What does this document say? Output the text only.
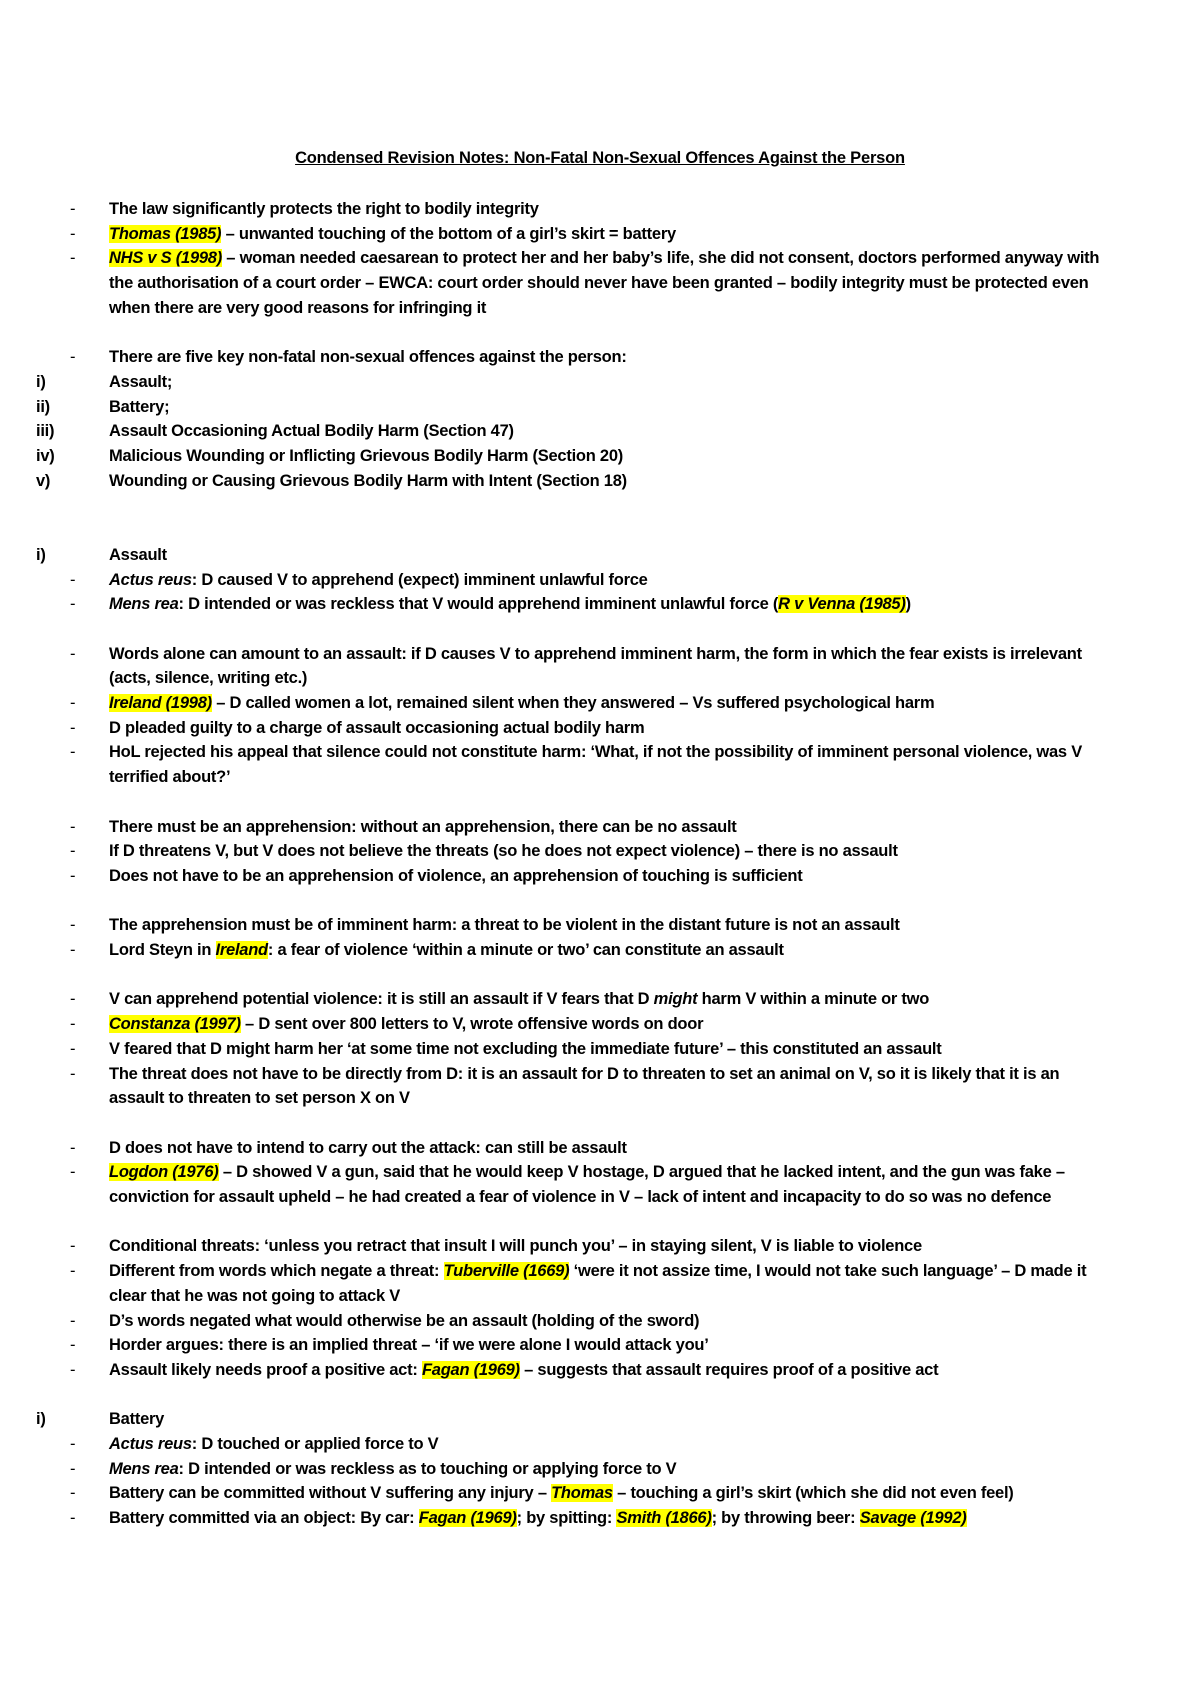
Condensed Revision Notes: Non-Fatal Non-Sexual Offences Against the Person
-	The law significantly protects the right to bodily integrity
-	Thomas (1985) – unwanted touching of the bottom of a girl’s skirt = battery
-	NHS v S (1998) – woman needed caesarean to protect her and her baby’s life, she did not consent, doctors performed anyway with the authorisation of a court order – EWCA: court order should never have been granted – bodily integrity must be protected even when there are very good reasons for infringing it
-	There are five key non-fatal non-sexual offences against the person:
i)	Assault;
ii)	Battery;
iii)	Assault Occasioning Actual Bodily Harm (Section 47)
iv)	Malicious Wounding or Inflicting Grievous Bodily Harm (Section 20)
v)	Wounding or Causing Grievous Bodily Harm with Intent (Section 18)
i)	Assault
-	Actus reus: D caused V to apprehend (expect) imminent unlawful force
-	Mens rea: D intended or was reckless that V would apprehend imminent unlawful force (R v Venna (1985))
-	Words alone can amount to an assault: if D causes V to apprehend imminent harm, the form in which the fear exists is irrelevant (acts, silence, writing etc.)
-	Ireland (1998) – D called women a lot, remained silent when they answered – Vs suffered psychological harm
-	D pleaded guilty to a charge of assault occasioning actual bodily harm
-	HoL rejected his appeal that silence could not constitute harm: ‘What, if not the possibility of imminent personal violence, was V terrified about?’
-	There must be an apprehension: without an apprehension, there can be no assault
-	If D threatens V, but V does not believe the threats (so he does not expect violence) – there is no assault
-	Does not have to be an apprehension of violence, an apprehension of touching is sufficient
-	The apprehension must be of imminent harm: a threat to be violent in the distant future is not an assault
-	Lord Steyn in Ireland: a fear of violence ‘within a minute or two’ can constitute an assault
-	V can apprehend potential violence: it is still an assault if V fears that D might harm V within a minute or two
-	Constanza (1997) – D sent over 800 letters to V, wrote offensive words on door
-	V feared that D might harm her ‘at some time not excluding the immediate future’ – this constituted an assault
-	The threat does not have to be directly from D: it is an assault for D to threaten to set an animal on V, so it is likely that it is an assault to threaten to set person X on V
-	D does not have to intend to carry out the attack: can still be assault
-	Logdon (1976) – D showed V a gun, said that he would keep V hostage, D argued that he lacked intent, and the gun was fake – conviction for assault upheld – he had created a fear of violence in V – lack of intent and incapacity to do so was no defence
-	Conditional threats: ‘unless you retract that insult I will punch you’ – in staying silent, V is liable to violence
-	Different from words which negate a threat: Tuberville (1669) ‘were it not assize time, I would not take such language’ – D made it clear that he was not going to attack V
-	D’s words negated what would otherwise be an assault (holding of the sword)
-	Horder argues: there is an implied threat – ‘if we were alone I would attack you’
-	Assault likely needs proof a positive act: Fagan (1969) – suggests that assault requires proof of a positive act
i)	Battery
-	Actus reus: D touched or applied force to V
-	Mens rea: D intended or was reckless as to touching or applying force to V
-	Battery can be committed without V suffering any injury – Thomas – touching a girl’s skirt (which she did not even feel)
-	Battery committed via an object: By car: Fagan (1969); by spitting: Smith (1866); by throwing beer: Savage (1992)
